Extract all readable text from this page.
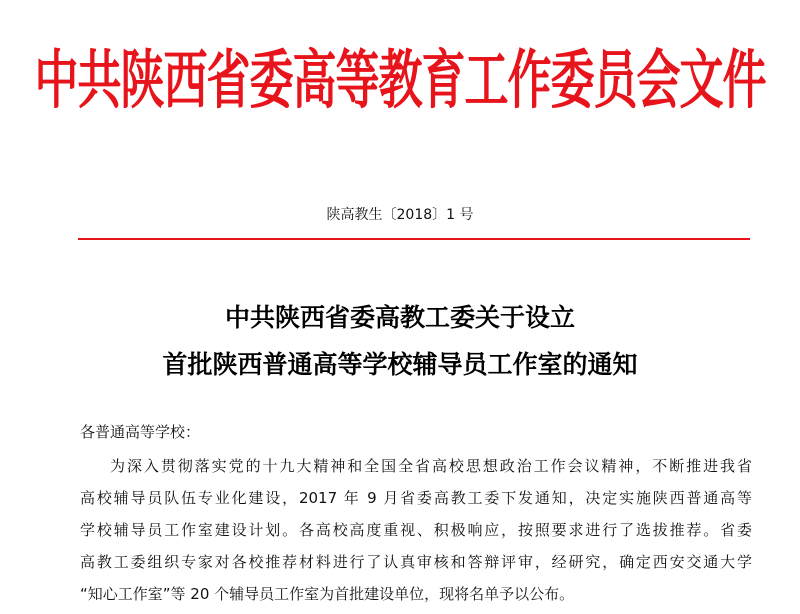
中共陕西省委高等教育工作委员会文件
陕高教生〔2018〕1 号
中共陕西省委高教工委关于设立
首批陕西普通高等学校辅导员工作室的通知
各普通高等学校：
为深入贯彻落实党的十九大精神和全国全省高校思想政治工作会议精神，不断推进我省
高校辅导员队伍专业化建设，2017 年 9 月省委高教工委下发通知，决定实施陕西普通高等
学校辅导员工作室建设计划。各高校高度重视、积极响应，按照要求进行了选拔推荐。省委
高教工委组织专家对各校推荐材料进行了认真审核和答辩评审，经研究，确定西安交通大学
“知心工作室”等 20 个辅导员工作室为首批建设单位，现将名单予以公布。
